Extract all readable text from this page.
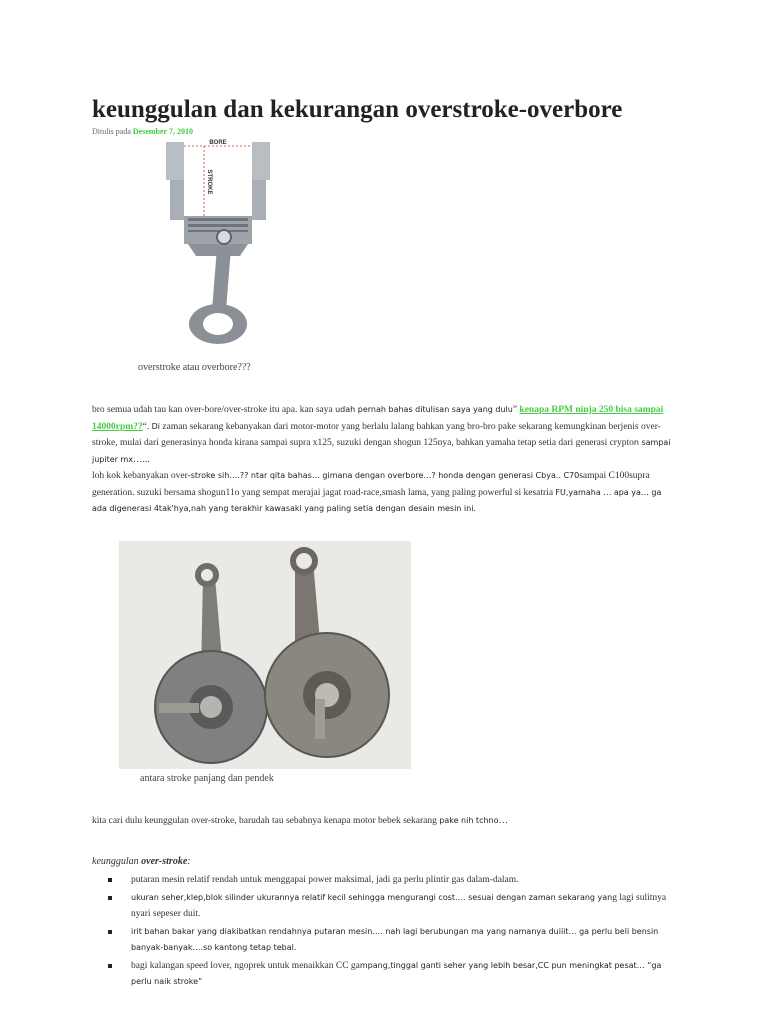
keunggulan dan kekurangan overstroke-overbore
Ditulis pada Desember 7, 2010
BORE
STROKE
overstroke atau overbore???

bro semua udah tau kan over-bore/over-stroke itu apa. kan saya udah pernah bahas ditulisan saya yang dulu” kenapa RPM ninja 250 bisa sampai 14000rpm??“. Di zaman sekarang kebanyakan dari motor-motor yang berlalu lalang bahkan yang bro-bro pake sekarang kemungkinan berjenis over-stroke, mulai dari generasinya honda kirana sampai supra x125, suzuki dengan shogun 125nya, bahkan yamaha tetap setia dari generasi crypton sampai jupiter mx…...

loh kok kebanyakan over-stroke sih….?? ntar qita bahas… gimana dengan overbore…? honda dengan generasi Cbya.. C70sampai C100supra generation. suzuki bersama shogun11o yang sempat merajai jagat road-race,smash lama, yang paling powerful si kesatria FU,yamaha … apa ya… ga ada digenerasi 4tak'hya,nah yang terakhir kawasaki yang paling setia dengan desain mesin ini.

antara stroke panjang dan pendek
kita cari dulu keunggulan over-stroke, barudah tau sebabnya kenapa motor bebek sekarang pake nih tchno…
keunggulan over-stroke:
putaran mesin relatif rendah untuk menggapai power maksimal, jadi ga perlu plintir gas dalam-dalam.
ukuran seher,klep,blok silinder ukurannya relatif kecil sehingga mengurangi cost…. sesuai dengan zaman sekarang yang lagi sulitnya nyari sepeser duit.
irit bahan bakar yang diakibatkan rendahnya putaran mesin…. nah lagi berubungan ma yang namanya duiiit… ga perlu beli bensin banyak-banyak….so kantong tetap tebal.
bagi kalangan speed lover, ngoprek untuk menaikkan CC gampang,tinggal ganti seher yang lebih besar,CC pun meningkat pesat… “ga perlu naik stroke”
